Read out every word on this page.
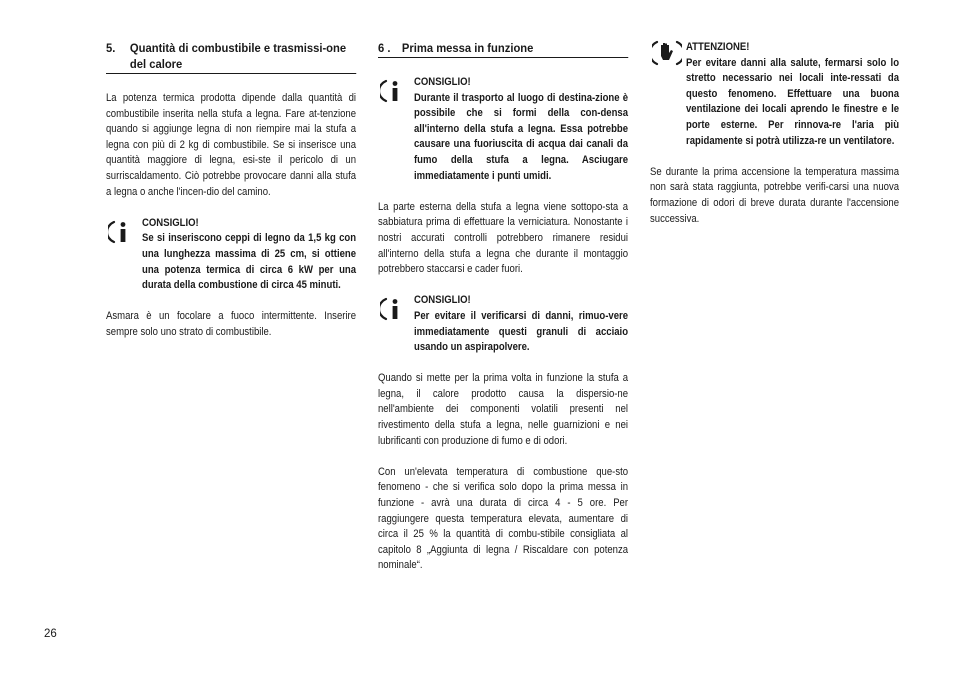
5.	Quantità di combustibile e trasmissi-one del calore

La potenza termica prodotta dipende dalla quantità di combustibile inserita nella stufa a legna. Fare at-tenzione quando si aggiunge legna di non riempire mai la stufa a legna con più di 2 kg di combustibile. Se si inserisce una quantità maggiore di legna, esi-ste il pericolo di un surriscaldamento. Ciò potrebbe provocare danni alla stufa a legna o anche l'incen-dio del camino.

CONSIGLIO!
Se si inseriscono ceppi di legno da 1,5 kg con una lunghezza massima di 25 cm, si ottiene una potenza termica di circa 6 kW per una durata della combustione di circa 45 minuti.

Asmara è un focolare a fuoco intermittente. Inserire sempre solo uno strato di combustibile.

6 . Prima messa in funzione
CONSIGLIO!
Durante il trasporto al luogo di destina-zione è possibile che si formi della con-densa all'interno della stufa a legna. Essa potrebbe causare una fuoriuscita di acqua dai canali da fumo della stufa a legna. Asciugare immediatamente i punti umidi.

La parte esterna della stufa a legna viene sottopo-sta a sabbiatura prima di effettuare la verniciatura. Nonostante i nostri accurati controlli potrebbero rimanere residui all'interno della stufa a legna che durante il montaggio potrebbero staccarsi e cader fuori.

CONSIGLIO!
Per evitare il verificarsi di danni, rimuo-vere immediatamente questi granuli di acciaio usando un aspirapolvere.

Quando si mette per la prima volta in funzione la stufa a legna, il calore prodotto causa la dispersio-ne nell'ambiente dei componenti volatili presenti nel rivestimento della stufa a legna, nelle guarnizioni e nei lubrificanti con produzione di fumo e di odori.

Con un'elevata temperatura di combustione que-sto fenomeno - che si verifica solo dopo la prima messa in funzione - avrà una durata di circa 4 - 5 ore. Per raggiungere questa temperatura elevata, aumentare di circa il 25 % la quantità di combu-stibile consigliata al capitolo 8 „Aggiunta di legna / Riscaldare con potenza nominale“.

ATTENZIONE!
Per evitare danni alla salute, fermarsi solo lo stretto necessario nei locali inte-ressati da questo fenomeno. Effettuare una buona ventilazione dei locali aprendo le finestre e le porte esterne. Per rinnova-re l'aria più rapidamente si potrà utilizza-re un ventilatore.

Se durante la prima accensione la temperatura massima non sarà stata raggiunta, potrebbe verifi-carsi una nuova formazione di odori di breve durata durante l'accensione successiva.

26
